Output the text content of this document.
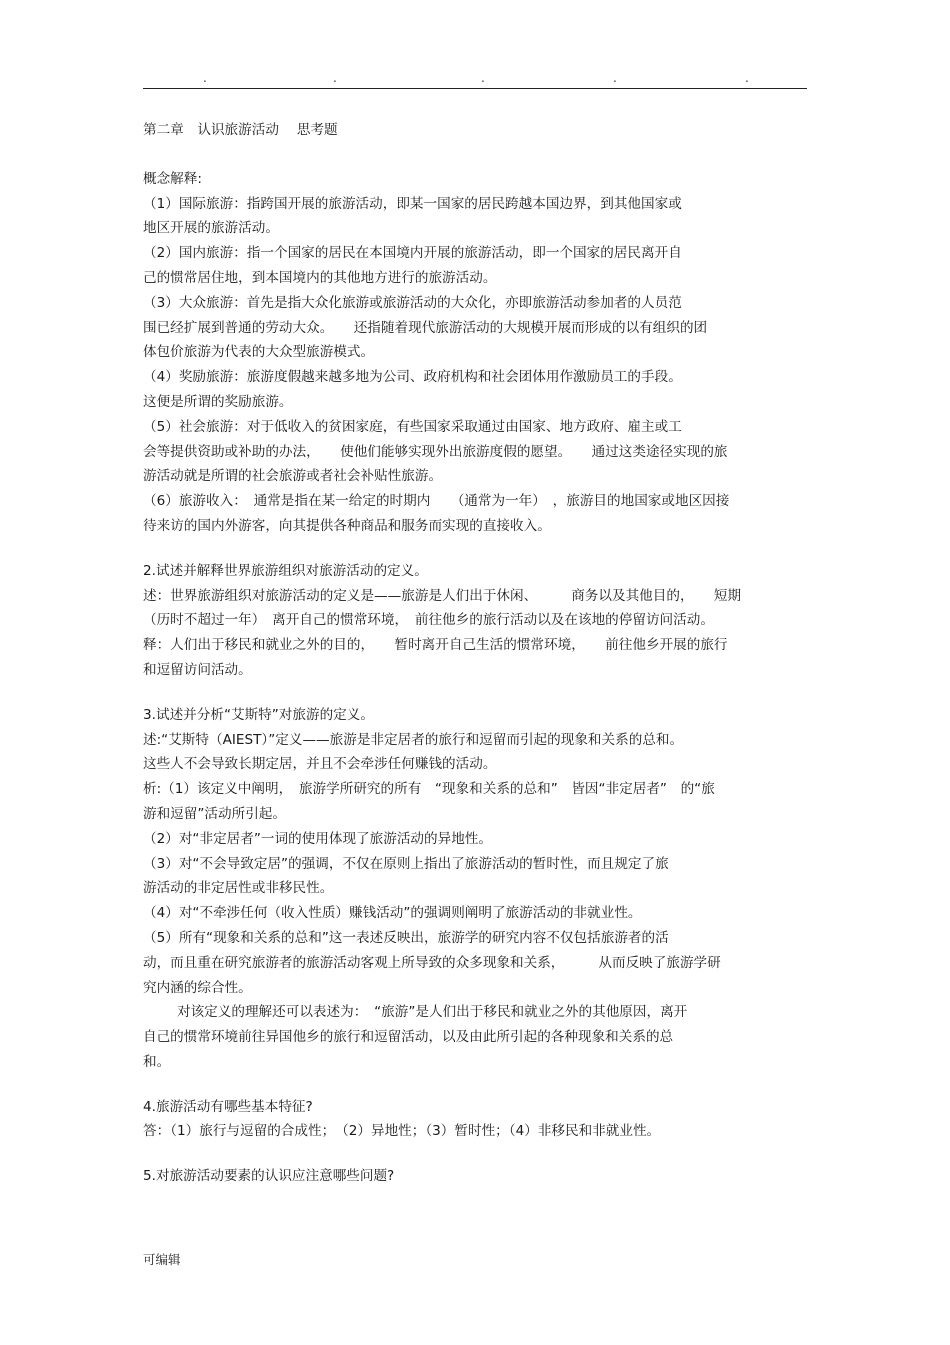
.	.	.	.	.
第二章　认识旅游活动　 思考题
概念解释:
（1）国际旅游：指跨国开展的旅游活动，即某一国家的居民跨越本国边界，到其他国家或
地区开展的旅游活动。
（2）国内旅游：指一个国家的居民在本国境内开展的旅游活动，即一个国家的居民离开自
己的惯常居住地，到本国境内的其他地方进行的旅游活动。
（3）大众旅游：首先是指大众化旅游或旅游活动的大众化，亦即旅游活动参加者的人员范
围已经扩展到普通的劳动大众。　　还指随着现代旅游活动的大规模开展而形成的以有组织的团
体包价旅游为代表的大众型旅游模式。
（4）奖励旅游：旅游度假越来越多地为公司、政府机构和社会团体用作激励员工的手段。
这便是所谓的奖励旅游。
（5）社会旅游：对于低收入的贫困家庭，有些国家采取通过由国家、地方政府、雇主或工
会等提供资助或补助的办法，　　使他们能够实现外出旅游度假的愿望。　　通过这类途径实现的旅
游活动就是所谓的社会旅游或者社会补贴性旅游。
（6）旅游收入：　通常是指在某一给定的时期内　　（通常为一年）　，旅游目的地国家或地区因接
待来访的国内外游客，向其提供各种商品和服务而实现的直接收入。
2.试述并解释世界旅游组织对旅游活动的定义。
述：世界旅游组织对旅游活动的定义是——旅游是人们出于休闲、　　　商务以及其他目的，　　短期
（历时不超过一年）　离开自己的惯常环境，　前往他乡的旅行活动以及在该地的停留访问活动。
释：人们出于移民和就业之外的目的，　　暂时离开自己生活的惯常环境，　　前往他乡开展的旅行
和逗留访问活动。
3.试述并分析“艾斯特”对旅游的定义。
述:“艾斯特（AIEST）”定义——旅游是非定居者的旅行和逗留而引起的现象和关系的总和。
这些人不会导致长期定居，并且不会牵涉任何赚钱的活动。
析:（1）该定义中阐明，　旅游学所研究的所有　“现象和关系的总和”　皆因“非定居者”　的“旅
游和逗留”活动所引起。
（2）对“非定居者”一词的使用体现了旅游活动的异地性。
（3）对“不会导致定居”的强调，不仅在原则上指出了旅游活动的暂时性，而且规定了旅
游活动的非定居性或非移民性。
（4）对“不牵涉任何（收入性质）赚钱活动”的强调则阐明了旅游活动的非就业性。
（5）所有“现象和关系的总和”这一表述反映出，旅游学的研究内容不仅包括旅游者的活
动，而且重在研究旅游者的旅游活动客观上所导致的众多现象和关系，　　　从而反映了旅游学研
究内涵的综合性。
对该定义的理解还可以表述为：　“旅游”是人们出于移民和就业之外的其他原因，离开
自己的惯常环境前往异国他乡的旅行和逗留活动，以及由此所引起的各种现象和关系的总
和。
4.旅游活动有哪些基本特征?
答：（1）旅行与逗留的合成性；　（2）异地性；（3）暂时性；（4）非移民和非就业性。
5.对旅游活动要素的认识应注意哪些问题?
可编辑
